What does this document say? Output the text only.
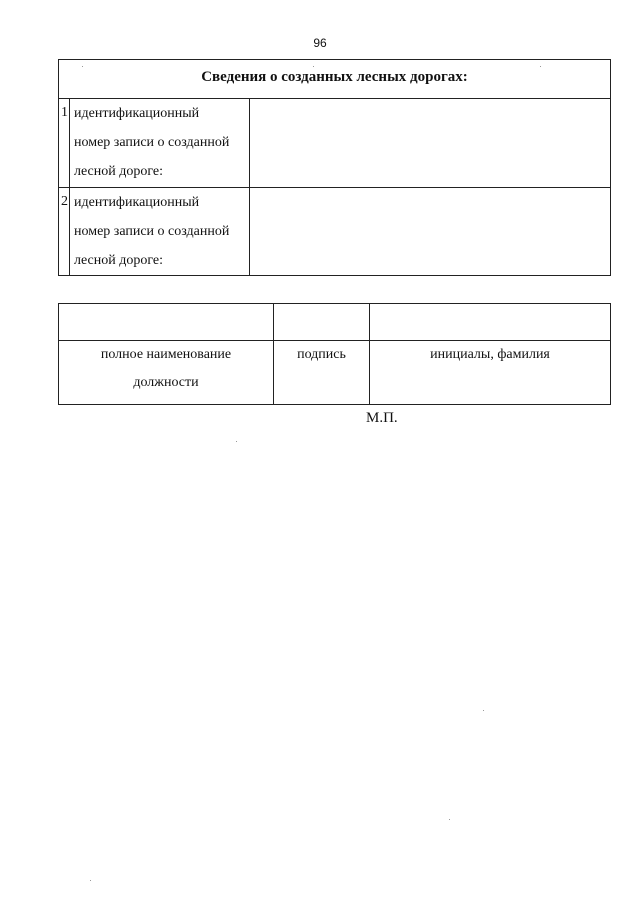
96
Сведения о созданных лесных дорогах:
1 идентификационный
номер записи о созданной
лесной дороге:
2 идентификационный
номер записи о созданной
лесной дороге:
полное наименование
должности
подпись	инициалы, фамилия
М.П.
